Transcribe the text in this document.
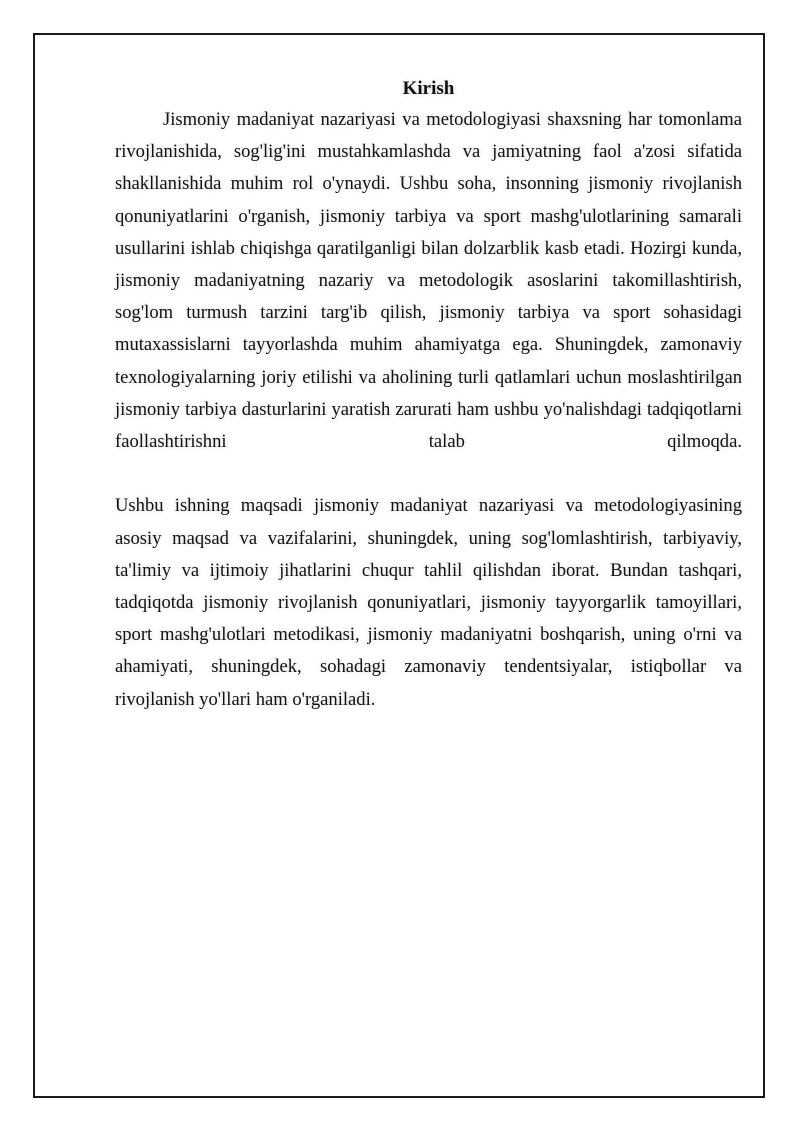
Kirish

Jismoniy madaniyat nazariyasi va metodologiyasi shaxsning har tomonlama rivojlanishida, sog'lig'ini mustahkamlashda va jamiyatning faol a'zosi sifatida shakllanishida muhim rol o'ynaydi. Ushbu soha, insonning jismoniy rivojlanish qonuniyatlarini o'rganish, jismoniy tarbiya va sport mashg'ulotlarining samarali usullarini ishlab chiqishga qaratilganligi bilan dolzarblik kasb etadi. Hozirgi kunda, jismoniy madaniyatning nazariy va metodologik asoslarini takomillashtirish, sog'lom turmush tarzini targ'ib qilish, jismoniy tarbiya va sport sohasidagi mutaxassislarni tayyorlashda muhim ahamiyatga ega. Shuningdek, zamonaviy texnologiyalarning joriy etilishi va aholining turli qatlamlari uchun moslashtirilgan jismoniy tarbiya dasturlarini yaratish zarurati ham ushbu yo'nalishdagi tadqiqotlarni faollashtirishni talab qilmoqda.

Ushbu ishning maqsadi jismoniy madaniyat nazariyasi va metodologiyasining asosiy maqsad va vazifalarini, shuningdek, uning sog'lomlashtirish, tarbiyaviy, ta'limiy va ijtimoiy jihatlarini chuqur tahlil qilishdan iborat. Bundan tashqari, tadqiqotda jismoniy rivojlanish qonuniyatlari, jismoniy tayyorgarlik tamoyillari, sport mashg'ulotlari metodikasi, jismoniy madaniyatni boshqarish, uning o'rni va ahamiyati, shuningdek, sohadagi zamonaviy tendentsiyalar, istiqbollar va rivojlanish yo'llari ham o'rganiladi.
